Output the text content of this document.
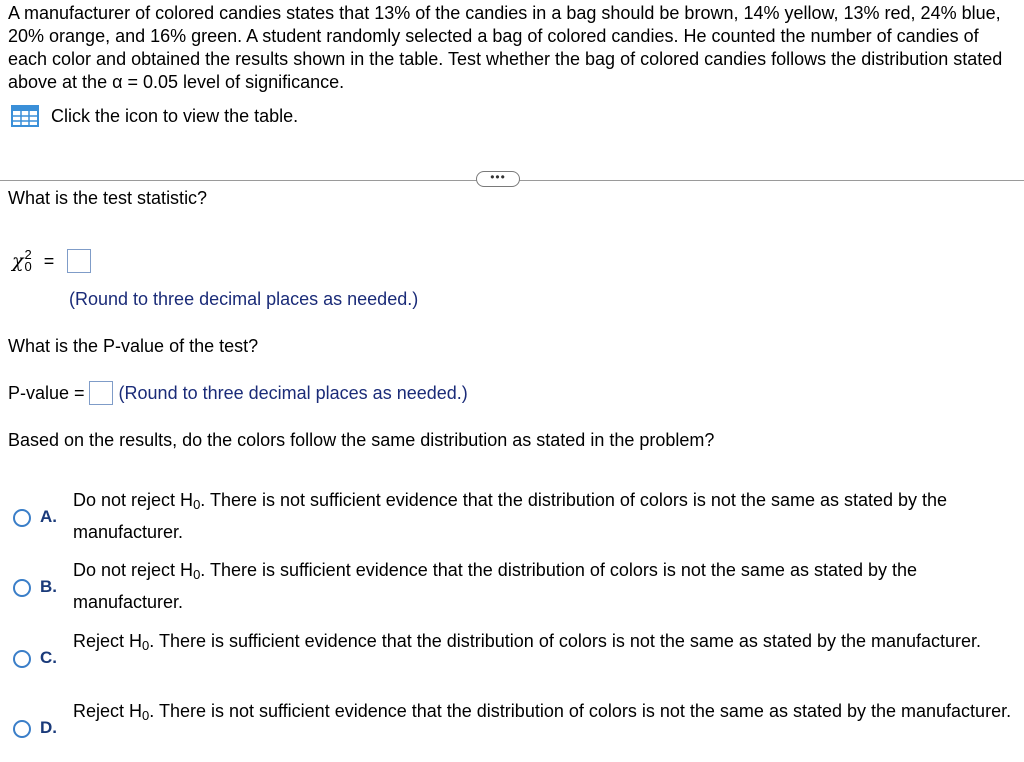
A manufacturer of colored candies states that 13% of the candies in a bag should be brown, 14% yellow, 13% red, 24% blue, 20% orange, and 16% green. A student randomly selected a bag of colored candies. He counted the number of candies of each color and obtained the results shown in the table. Test whether the bag of colored candies follows the distribution stated above at the α = 0.05 level of significance.
Click the icon to view the table.
•••
What is the test statistic?
χ 2
0 =
(Round to three decimal places as needed.)
What is the P-value of the test?
P-value = (Round to three decimal places as needed.)
Based on the results, do the colors follow the same distribution as stated in the problem?
A.
Do not reject $H_0$. There is not sufficient evidence that the distribution of colors is not the same as stated by the manufacturer.
B.
Do not reject $H_0$. There is sufficient evidence that the distribution of colors is not the same as stated by the manufacturer.
C.
Reject $H_0$. There is sufficient evidence that the distribution of colors is not the same as stated by the manufacturer.
D.
Reject $H_0$. There is not sufficient evidence that the distribution of colors is not the same as stated by the manufacturer.
